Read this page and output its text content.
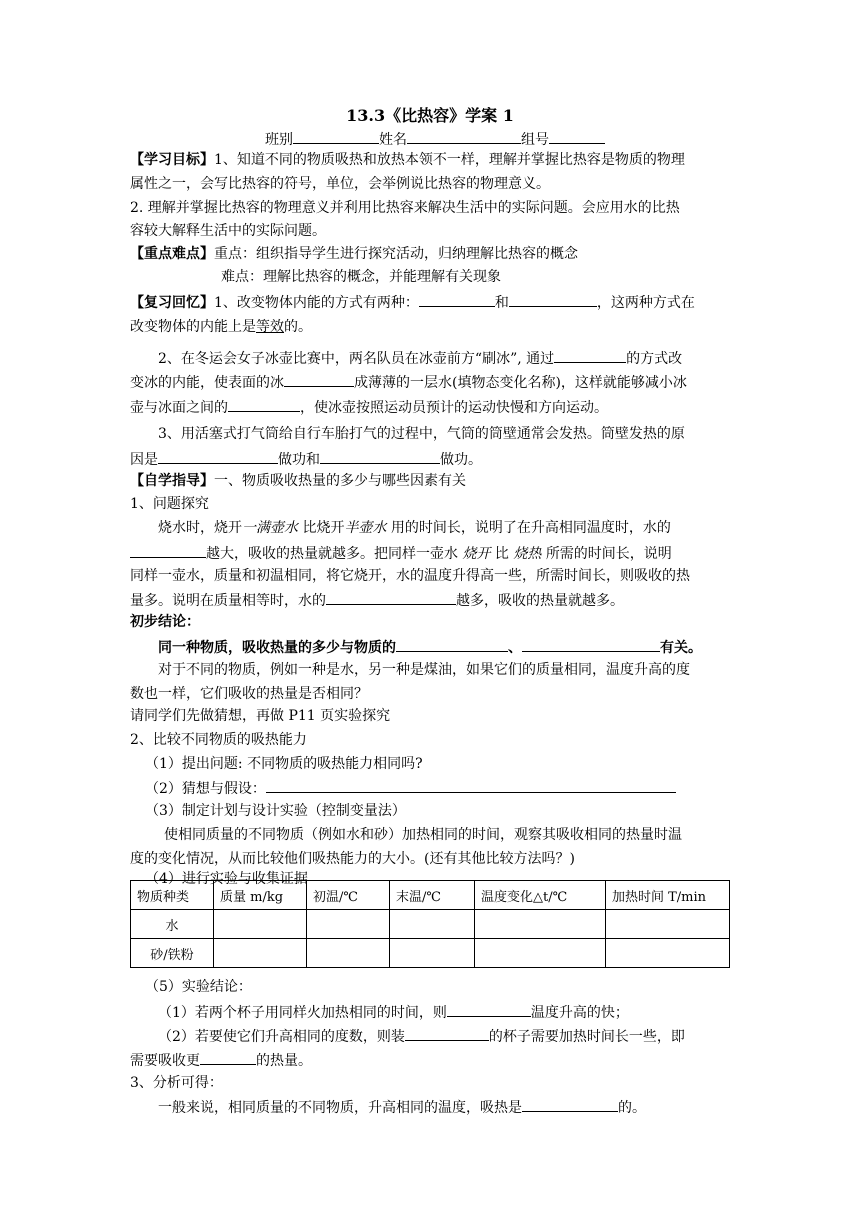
13.3《比热容》学案 1
班别	姓名	组号
【学习目标】1、知道不同的物质吸热和放热本领不一样，理解并掌握比热容是物质的物理
属性之一，会写比热容的符号，单位，会举例说比热容的物理意义。
2. 理解并掌握比热容的物理意义并利用比热容来解决生活中的实际问题。会应用水的比热
容较大解释生活中的实际问题。
【重点难点】重点：组织指导学生进行探究活动，归纳理解比热容的概念
难点：理解比热容的概念，并能理解有关现象
【复习回忆】1、改变物体内能的方式有两种：	和	，这两种方式在
改变物体的内能上是等效的。
2、在冬运会女子冰壶比赛中，两名队员在冰壶前方“刷冰”, 通过	的方式改
变冰的内能，使表面的冰	成薄薄的一层水(填物态变化名称)，这样就能够减小冰
壶与冰面之间的	，使冰壶按照运动员预计的运动快慢和方向运动。
3、用活塞式打气筒给自行车胎打气的过程中，气筒的筒壁通常会发热。筒壁发热的原
因是	做功和	做功。
【自学指导】一、物质吸收热量的多少与哪些因素有关
1、问题探究
烧水时，烧开一满壶水 比烧开半壶水 用的时间长，说明了在升高相同温度时，水的
越大，吸收的热量就越多。把同样一壶水 烧开 比 烧热 所需的时间长，说明
同样一壶水，质量和初温相同，将它烧开，水的温度升得高一些，所需时间长，则吸收的热
量多。说明在质量相等时，水的	越多，吸收的热量就越多。
初步结论：
同一种物质，吸收热量的多少与物质的	、	有关。
对于不同的物质，例如一种是水，另一种是煤油，如果它们的质量相同，温度升高的度
数也一样，它们吸收的热量是否相同？
请同学们先做猜想，再做 P11 页实验探究
2、比较不同物质的吸热能力
（1）提出问题: 不同物质的吸热能力相同吗?
（2）猜想与假设：
（3）制定计划与设计实验（控制变量法）
使相同质量的不同物质（例如水和砂）加热相同的时间，观察其吸收相同的热量时温
度的变化情况，从而比较他们吸热能力的大小。(还有其他比较方法吗？)
（4）进行实验与收集证据
物质种类	质量 m/kg	初温/℃	末温/℃	温度变化△t/℃	加热时间 T/min
水					
砂/铁粉					
（5）实验结论：
（1）若两个杯子用同样火加热相同的时间，则	温度升高的快；
（2）若要使它们升高相同的度数，则装	的杯子需要加热时间长一些，即
需要吸收更	的热量。
3、分析可得：
一般来说，相同质量的不同物质，升高相同的温度，吸热是	的。
